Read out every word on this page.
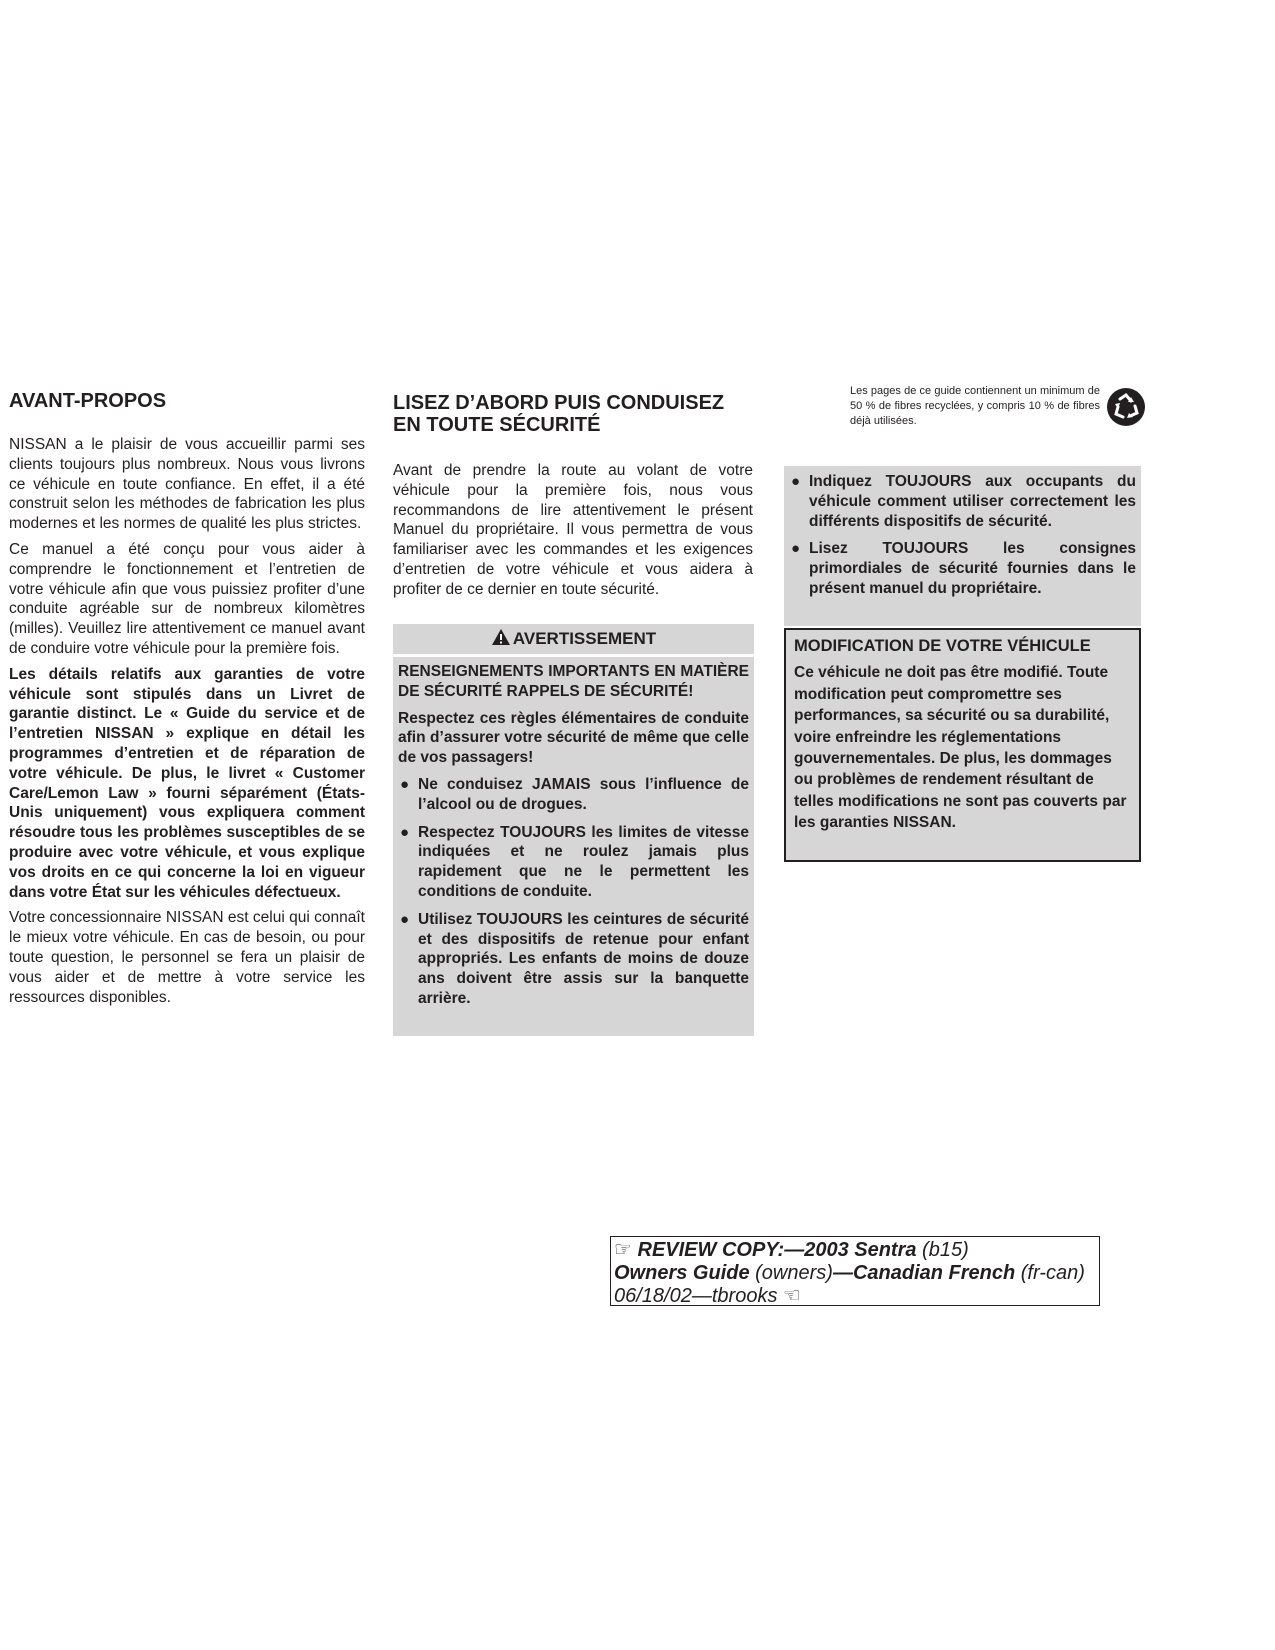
AVANT-PROPOS

NISSAN a le plaisir de vous accueillir parmi ses clients toujours plus nombreux. Nous vous livrons ce véhicule en toute confiance. En effet, il a été construit selon les méthodes de fabrication les plus modernes et les normes de qualité les plus strictes.

Ce manuel a été conçu pour vous aider à comprendre le fonctionnement et l’entretien de votre véhicule afin que vous puissiez profiter d’une conduite agréable sur de nombreux kilomètres (milles). Veuillez lire attentivement ce manuel avant de conduire votre véhicule pour la première fois.

Les détails relatifs aux garanties de votre véhicule sont stipulés dans un Livret de garantie distinct. Le « Guide du service et de l’entretien NISSAN » explique en détail les programmes d’entretien et de réparation de votre véhicule. De plus, le livret « Customer Care/Lemon Law » fourni séparément (États-Unis uniquement) vous expliquera comment résoudre tous les problèmes susceptibles de se produire avec votre véhicule, et vous explique vos droits en ce qui concerne la loi en vigueur dans votre État sur les véhicules défectueux.

Votre concessionnaire NISSAN est celui qui connaît le mieux votre véhicule. En cas de besoin, ou pour toute question, le personnel se fera un plaisir de vous aider et de mettre à votre service les ressources disponibles.

LISEZ D’ABORD PUIS CONDUISEZ
EN TOUTE SÉCURITÉ
Avant de prendre la route au volant de votre véhicule pour la première fois, nous vous recommandons de lire attentivement le présent Manuel du propriétaire. Il vous permettra de vous familiariser avec les commandes et les exigences d’entretien de votre véhicule et vous aidera à profiter de ce dernier en toute sécurité.
AVERTISSEMENT

RENSEIGNEMENTS IMPORTANTS EN MATIÈRE DE SÉCURITÉ RAPPELS DE SÉCURITÉ!

Respectez ces règles élémentaires de conduite afin d’assurer votre sécurité de même que celle de vos passagers!

● Ne conduisez JAMAIS sous l’influence de l’alcool ou de drogues.
● Respectez TOUJOURS les limites de vitesse indiquées et ne roulez jamais plus rapidement que ne le permettent les conditions de conduite.
● Utilisez TOUJOURS les ceintures de sécurité et des dispositifs de retenue pour enfant appropriés. Les enfants de moins de douze ans doivent être assis sur la banquette arrière.
Les pages de ce guide contiennent un minimum de 50 % de fibres recyclées, y compris 10 % de fibres déjà utilisées.
● Indiquez TOUJOURS aux occupants du véhicule comment utiliser correctement les différents dispositifs de sécurité.
● Lisez TOUJOURS les consignes primordiales de sécurité fournies dans le présent manuel du propriétaire.
MODIFICATION DE VOTRE VÉHICULE
Ce véhicule ne doit pas être modifié. Toute modification peut compromettre ses performances, sa sécurité ou sa durabilité, voire enfreindre les réglementations gouvernementales. De plus, les dommages ou problèmes de rendement résultant de telles modifications ne sont pas couverts par les garanties NISSAN.
☞ REVIEW COPY:—2003 Sentra (b15)
Owners Guide (owners)—Canadian French (fr-can)
06/18/02—tbrooks ☜
